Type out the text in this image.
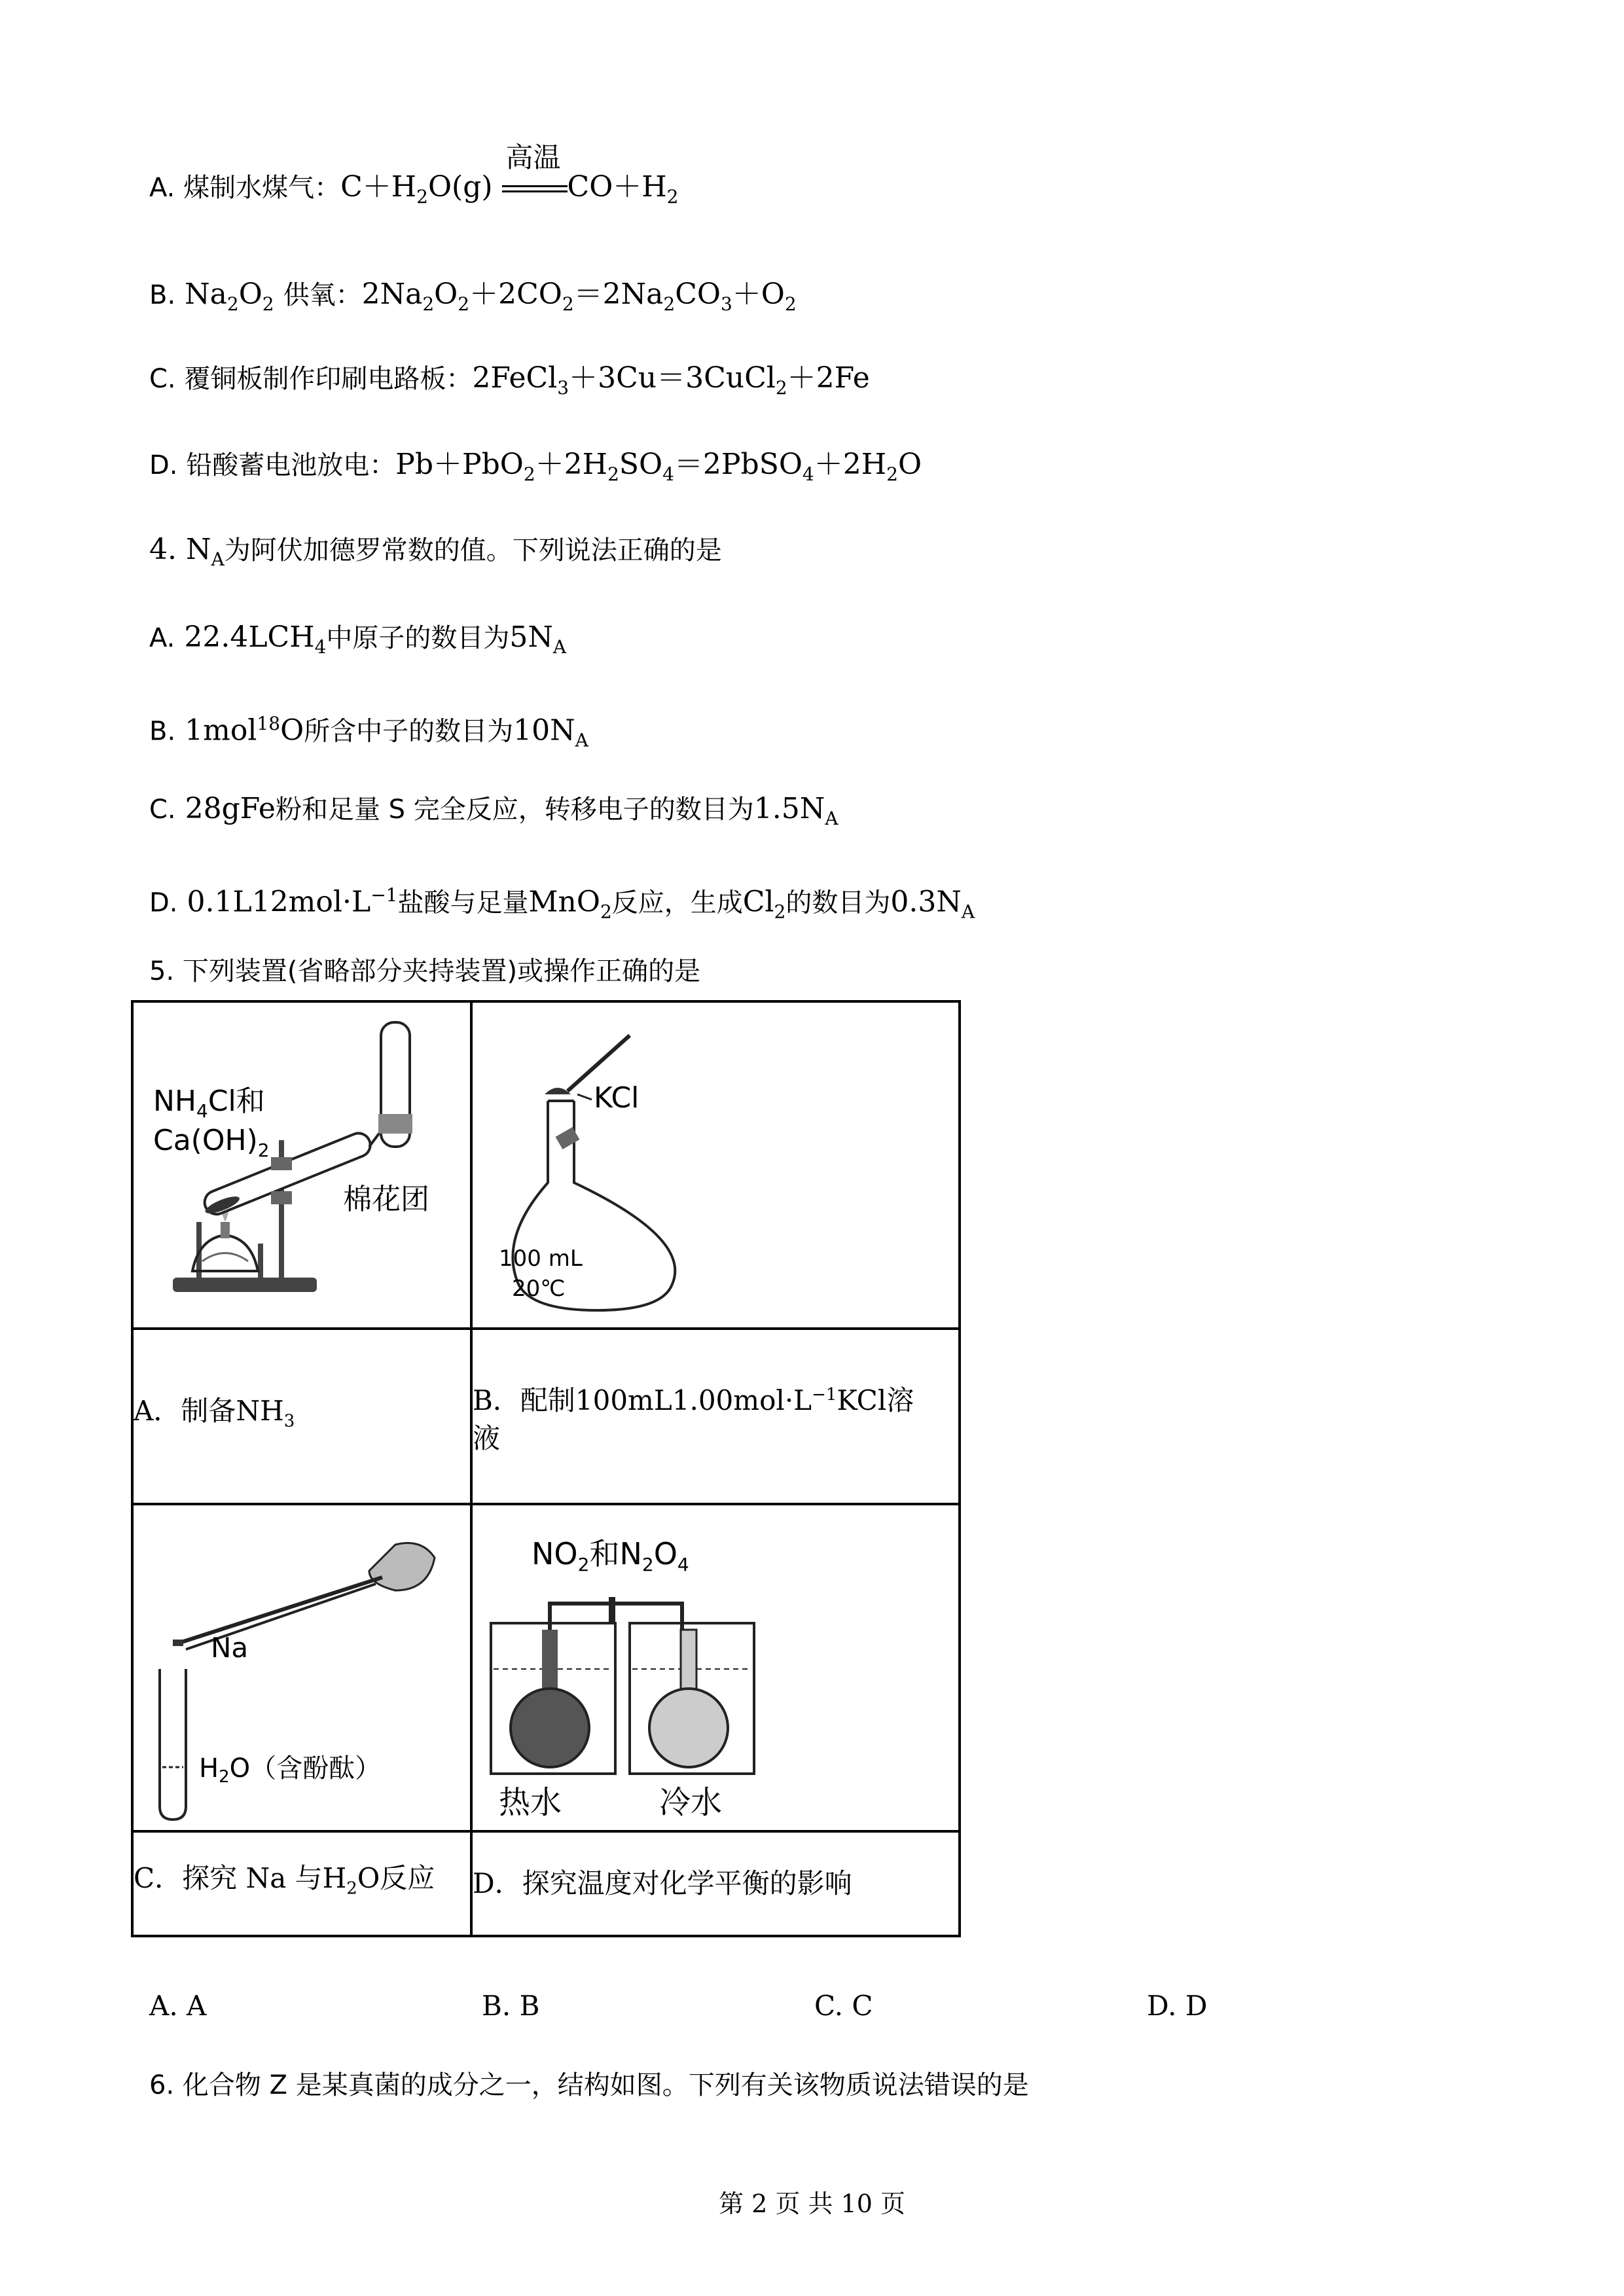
A. 煤制水煤气：$C+H_2O(g)$
高温
$CO+H_2$
B. $Na_2O_2$ 供氧：$2Na_2O_2+2CO_2=2Na_2CO_3+O_2$
C. 覆铜板制作印刷电路板：2FeCl$_3$＋3Cu＝3CuCl$_2$＋2Fe
D. 铅酸蓄电池放电：$Pb+PbO_2+2H_2SO_4=2PbSO_4+2H_2O$
4. $N_A$为阿伏加德罗常数的值。下列说法正确的是
A. $22.4LCH_4$中原子的数目为$5N_A$
B. 1mol$^{18}$O所含中子的数目为$10N_A$
C. 28gFe粉和足量 S 完全反应，转移电子的数目为$1.5N_A$
D. $0.1L12mol\cdot L^{-1}$盐酸与足量MnO$_2$反应，生成$Cl_2$的数目为$0.3N_A$
5. 下列装置(省略部分夹持装置)或操作正确的是
$NH_4Cl$和
$Ca(OH)_2$
棉花团	KCl
100 mL
20℃

A．制备$NH_3$	B．配制$100mL1.00mol\cdot L^{-1}KCl$溶
液

Na
$H_2O$（含酚酞）	$NO_2$和$N_2O_4$
热水 冷水

C．探究 Na 与$H_2O$反应	D．探究温度对化学平衡的影响
A. A	B. B	C. C	D. D
6. 化合物 Z 是某真菌的成分之一，结构如图。下列有关该物质说法错误的是
第 2 页 共 10 页
